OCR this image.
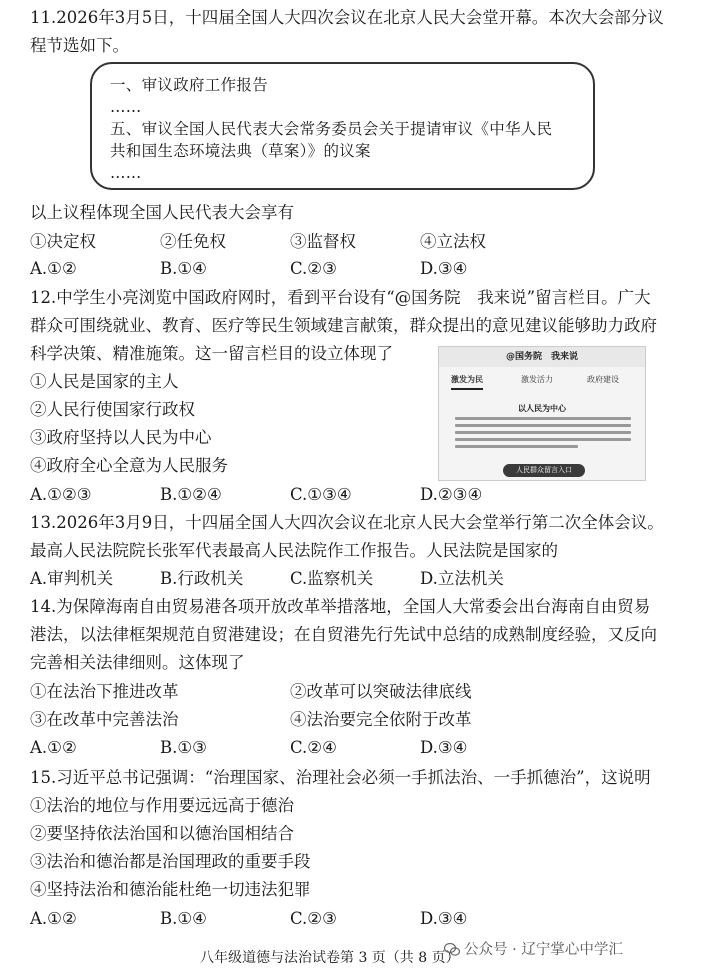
11.2026年3月5日，十四届全国人大四次会议在北京人民大会堂开幕。本次大会部分议
程节选如下。
一、审议政府工作报告
……
五、审议全国人民代表大会常务委员会关于提请审议《中华人民
共和国生态环境法典（草案）》的议案
……
以上议程体现全国人民代表大会享有
①决定权	②任免权	③监督权	④立法权
A.①②	B.①④	C.②③	D.③④
12.中学生小亮浏览中国政府网时，看到平台设有“@国务院　我来说”留言栏目。广大
群众可围绕就业、教育、医疗等民生领域建言献策，群众提出的意见建议能够助力政府
科学决策、精准施策。这一留言栏目的设立体现了
①人民是国家的主人
②人民行使国家行政权
③政府坚持以人民为中心
④政府全心全意为人民服务
@国务院　我来说
激发为民	激发活力	政府建设
以人民为中心
人民群众留言入口
A.①②③	B.①②④	C.①③④	D.②③④
13.2026年3月9日，十四届全国人大四次会议在北京人民大会堂举行第二次全体会议。
最高人民法院院长张军代表最高人民法院作工作报告。人民法院是国家的
A.审判机关	B.行政机关	C.监察机关	D.立法机关
14.为保障海南自由贸易港各项开放改革举措落地，全国人大常委会出台海南自由贸易
港法，以法律框架规范自贸港建设；在自贸港先行先试中总结的成熟制度经验，又反向
完善相关法律细则。这体现了
①在法治下推进改革	②改革可以突破法律底线
③在改革中完善法治	④法治要完全依附于改革
A.①②	B.①③	C.②④	D.③④
15.习近平总书记强调：“治理国家、治理社会必须一手抓法治、一手抓德治”，这说明
①法治的地位与作用要远远高于德治
②要坚持依法治国和以德治国相结合
③法治和德治都是治国理政的重要手段
④坚持法治和德治能杜绝一切违法犯罪
A.①②	B.①④	C.②③	D.③④
八年级道德与法治试卷第 3 页（共 8 页） 公众号 · 辽宁掌心中学汇
